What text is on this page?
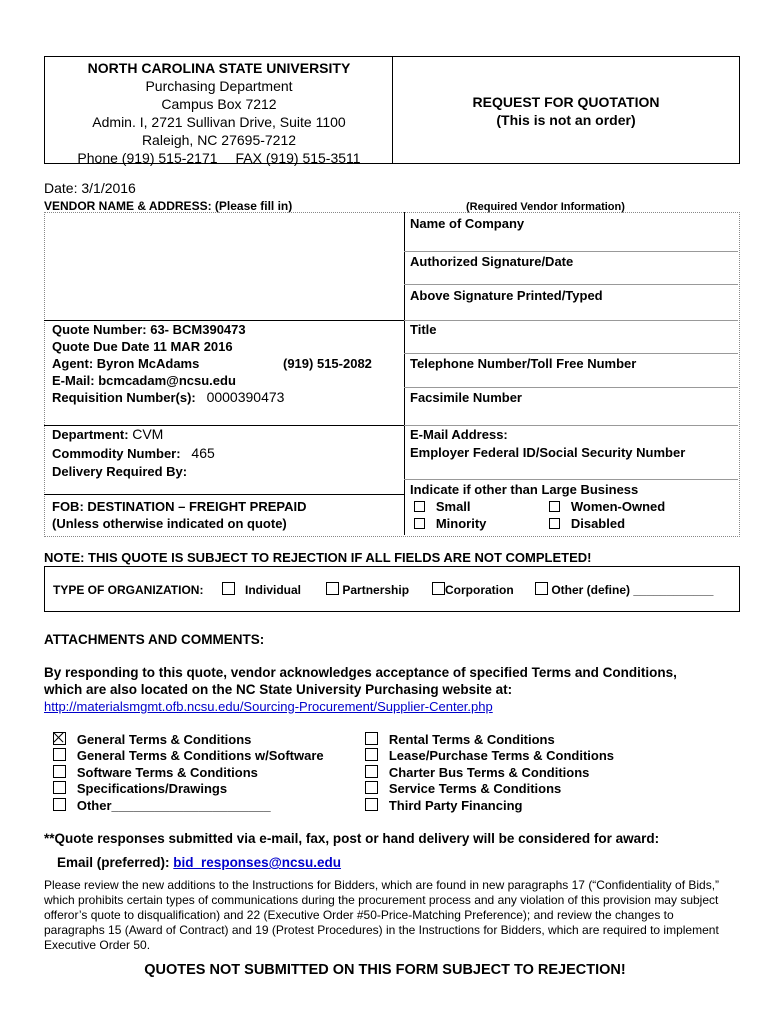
NORTH CAROLINA STATE UNIVERSITY
Purchasing Department
Campus Box 7212
Admin. I, 2721 Sullivan Drive, Suite 1100
Raleigh, NC 27695-7212
Phone (919) 515-2171 FAX (919) 515-3511
REQUEST FOR QUOTATION
(This is not an order)
Date: 3/1/2016
VENDOR NAME & ADDRESS: (Please fill in)	(Required Vendor Information)
Name of Company
Authorized Signature/Date
Above Signature Printed/Typed
Title
Telephone Number/Toll Free Number
Facsimile Number
E-Mail Address:
Employer Federal ID/Social Security Number
Indicate if other than Large Business
Small	Women-Owned
Minority	Disabled
Quote Number: 63- BCM390473
Quote Due Date 11 MAR 2016
Agent: Byron McAdams	(919) 515-2082
E-Mail: bcmcadam@ncsu.edu
Requisition Number(s): 0000390473
Department: CVM
Commodity Number: 465
Delivery Required By:
FOB: DESTINATION – FREIGHT PREPAID
(Unless otherwise indicated on quote)
NOTE: THIS QUOTE IS SUBJECT TO REJECTION IF ALL FIELDS ARE NOT COMPLETED!
TYPE OF ORGANIZATION:	Individual	Partnership	Corporation	Other (define) ____________
ATTACHMENTS AND COMMENTS:
By responding to this quote, vendor acknowledges acceptance of specified Terms and Conditions,
which are also located on the NC State University Purchasing website at:
http://materialsmgmt.ofb.ncsu.edu/Sourcing-Procurement/Supplier-Center.php
General Terms & Conditions
General Terms & Conditions w/Software
Software Terms & Conditions
Specifications/Drawings
Other______________________
Rental Terms & Conditions
Lease/Purchase Terms & Conditions
Charter Bus Terms & Conditions
Service Terms & Conditions
Third Party Financing
**Quote responses submitted via e-mail, fax, post or hand delivery will be considered for award:
Email (preferred): bid_responses@ncsu.edu
Please review the new additions to the Instructions for Bidders, which are found in new paragraphs 17 (“Confidentiality of Bids,” which prohibits certain types of communications during the procurement process and any violation of this provision may subject offeror’s quote to disqualification) and 22 (Executive Order #50-Price-Matching Preference); and review the changes to paragraphs 15 (Award of Contract) and 19 (Protest Procedures) in the Instructions for Bidders, which are required to implement Executive Order 50.
QUOTES NOT SUBMITTED ON THIS FORM SUBJECT TO REJECTION!
